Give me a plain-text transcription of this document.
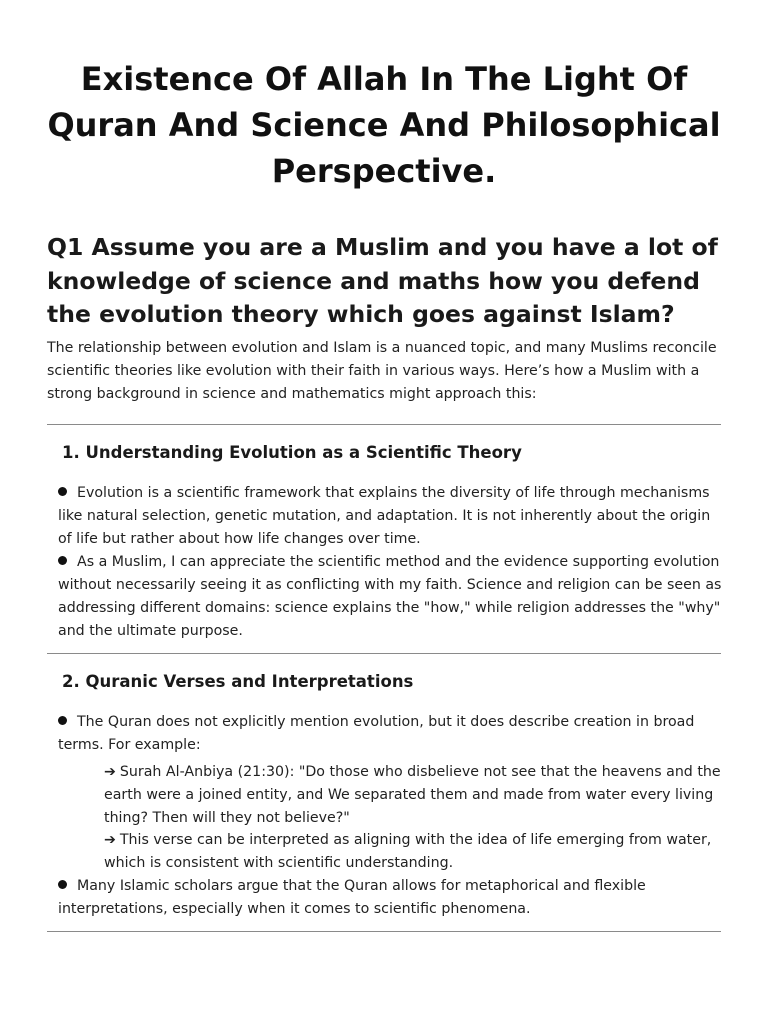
Existence Of Allah In The Light Of Quran And Science And Philosophical Perspective.
Q1 Assume you are a Muslim and you have a lot of knowledge of science and maths how you defend the evolution theory which goes against Islam?

The relationship between evolution and Islam is a nuanced topic, and many Muslims reconcile scientific theories like evolution with their faith in various ways. Here’s how a Muslim with a strong background in science and mathematics might approach this:

1. Understanding Evolution as a Scientific Theory

Evolution is a scientific framework that explains the diversity of life through mechanisms like natural selection, genetic mutation, and adaptation. It is not inherently about the origin of life but rather about how life changes over time.

As a Muslim, I can appreciate the scientific method and the evidence supporting evolution without necessarily seeing it as conflicting with my faith. Science and religion can be seen as addressing different domains: science explains the "how," while religion addresses the "why" and the ultimate purpose.

2. Quranic Verses and Interpretations

The Quran does not explicitly mention evolution, but it does describe creation in broad terms. For example:

➔ Surah Al-Anbiya (21:30): "Do those who disbelieve not see that the heavens and the earth were a joined entity, and We separated them and made from water every living thing? Then will they not believe?"

➔ This verse can be interpreted as aligning with the idea of life emerging from water, which is consistent with scientific understanding.

Many Islamic scholars argue that the Quran allows for metaphorical and flexible interpretations, especially when it comes to scientific phenomena.
